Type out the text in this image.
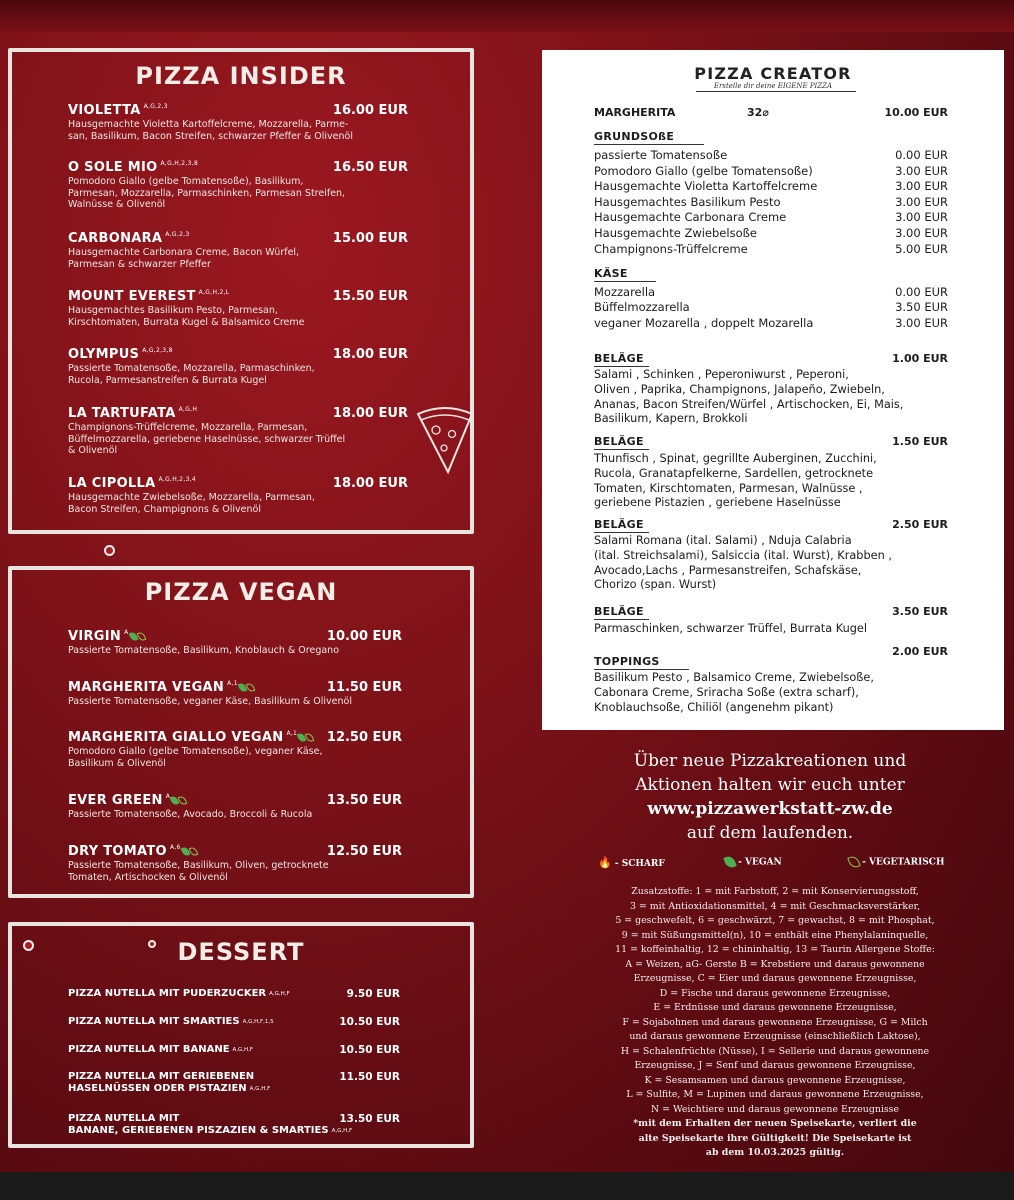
PIZZA INSIDER
PIZZA VEGAN
DESSERT
PIZZA CREATOR
Erstelle dir deine EIGENE PIZZA
MARGHERITA	32⌀	10.00 EUR
GRUNDSOßE
KÄSE
BELÄGE	1.00 EUR
Salami , Schinken , Peperoniwurst , Peperoni,
Oliven , Paprika, Champignons, Jalapeño, Zwiebeln,
Ananas, Bacon Streifen/Würfel , Artischocken, Ei, Mais,
Basilikum, Kapern, Brokkoli
BELÄGE	1.50 EUR
Thunfisch , Spinat, gegrillte Auberginen, Zucchini,
Rucola, Granatapfelkerne, Sardellen, getrocknete
Tomaten, Kirschtomaten, Parmesan, Walnüsse ,
geriebene Pistazien , geriebene Haselnüsse
BELÄGE	2.50 EUR
Salami Romana (ital. Salami) , Nduja Calabria
(ital. Streichsalami), Salsiccia (ital. Wurst), Krabben ,
Avocado,Lachs , Parmesanstreifen, Schafskäse,
Chorizo (span. Wurst)
BELÄGE	3.50 EUR
Parmaschinken, schwarzer Trüffel, Burrata Kugel
2.00 EUR
TOPPINGS
Basilikum Pesto , Balsamico Creme, Zwiebelsoße,
Cabonara Creme, Sriracha Soße (extra scharf),
Knoblauchsoße, Chiliöl (angenehm pikant)
passierte Tomatensoße	0.00 EUR
Pomodoro Giallo (gelbe Tomatensoße)	3.00 EUR
Hausgemachte Violetta Kartoffelcreme	3.00 EUR
Hausgemachtes Basilikum Pesto	3.00 EUR
Hausgemachte Carbonara Creme	3.00 EUR
Hausgemachte Zwiebelsoße	3.00 EUR
Champignons-Trüffelcreme	5.00 EUR
Mozzarella	0.00 EUR
Büffelmozzarella	3.50 EUR
veganer Mozarella , doppelt Mozarella	3.00 EUR
Über neue Pizzakreationen und
Aktionen halten wir euch unter
www.pizzawerkstatt-zw.de
auf dem laufenden.
🔥 - SCHARF	- VEGAN	- VEGETARISCH
Zusatzstoffe: 1 = mit Farbstoff, 2 = mit Konservierungsstoff,
3 = mit Antioxidationsmittel, 4 = mit Geschmacksverstärker,
5 = geschwefelt, 6 = geschwärzt, 7 = gewachst, 8 = mit Phosphat,
9 = mit Süßungsmittel(n), 10 = enthält eine Phenylalaninquelle,
11 = koffeinhaltig, 12 = chininhaltig, 13 = Taurin Allergene Stoffe:
A = Weizen, aG- Gerste B = Krebstiere und daraus gewonnene
Erzeugnisse, C = Eier und daraus gewonnene Erzeugnisse,
D = Fische und daraus gewonnene Erzeugnisse,
E = Erdnüsse und daraus gewonnene Erzeugnisse,
F = Sojabohnen und daraus gewonnene Erzeugnisse, G = Milch
und daraus gewonnene Erzeugnisse (einschließlich Laktose),
H = Schalenfrüchte (Nüsse), I = Sellerie und daraus gewonnene
Erzeugnisse, J = Senf und daraus gewonnene Erzeugnisse,
K = Sesamsamen und daraus gewonnene Erzeugnisse,
L = Sulfite, M = Lupinen und daraus gewonnene Erzeugnisse,
N = Weichtiere und daraus gewonnene Erzeugnisse
*mit dem Erhalten der neuen Speisekarte, verliert die
alte Speisekarte ihre Gültigkeit! Die Speisekarte ist
ab dem 10.03.2025 gültig.
VIOLETTA $^{A,G,2,3}$	16.00 EUR
Hausgemachte Violetta Kartoffelcreme, Mozzarella, Parme-
san, Basilikum, Bacon Streifen, schwarzer Pfeffer & Olivenöl
O SOLE MIO $^{A,G,H,2,3,8}$	16.50 EUR
Pomodoro Giallo (gelbe Tomatensoße), Basilikum,
Parmesan, Mozzarella, Parmaschinken, Parmesan Streifen,
Walnüsse & Olivenöl
CARBONARA $^{A,G,2,3}$	15.00 EUR
Hausgemachte Carbonara Creme, Bacon Würfel,
Parmesan & schwarzer Pfeffer
MOUNT EVEREST $^{A,G,H,2,L}$	15.50 EUR
Hausgemachtes Basilikum Pesto, Parmesan,
Kirschtomaten, Burrata Kugel & Balsamico Creme
OLYMPUS $^{A,G,2,3,8}$	18.00 EUR
Passierte Tomatensoße, Mozzarella, Parmaschinken,
Rucola, Parmesanstreifen & Burrata Kugel
LA TARTUFATA $^{A,G,H}$	18.00 EUR
Champignons-Trüffelcreme, Mozzarella, Parmesan,
Büffelmozzarella, geriebene Haselnüsse, schwarzer Trüffel
& Olivenöl
LA CIPOLLA $^{A,G,H,2,3,4}$	18.00 EUR
Hausgemachte Zwiebelsoße, Mozzarella, Parmesan,
Bacon Streifen, Champignons & Olivenöl
VIRGIN $^A$	10.00 EUR
Passierte Tomatensoße, Basilikum, Knoblauch & Oregano
MARGHERITA VEGAN $^{A,1}$	11.50 EUR
Passierte Tomatensoße, veganer Käse, Basilikum & Olivenöl
MARGHERITA GIALLO VEGAN $^{A,1}$	12.50 EUR
Pomodoro Giallo (gelbe Tomatensoße), veganer Käse,
Basilikum & Olivenöl
EVER GREEN $^A$	13.50 EUR
Passierte Tomatensoße, Avocado, Broccoli & Rucola
DRY TOMATO $^{A,6}$	12.50 EUR
Passierte Tomatensoße, Basilikum, Oliven, getrocknete
Tomaten, Artischocken & Olivenöl
PIZZA NUTELLA MIT PUDERZUCKER $^{A,G,H,F}$	9.50 EUR
PIZZA NUTELLA MIT SMARTIES $^{A,G,H,F,1,5}$	10.50 EUR
PIZZA NUTELLA MIT BANANE $^{A,G,H,F}$	10.50 EUR
PIZZA NUTELLA MIT GERIEBENEN
HASELNÜSSEN ODER PISTAZIEN $^{A,G,H,F}$
11.50 EUR
PIZZA NUTELLA MIT
BANANE, GERIEBENEN PISZAZIEN & SMARTIES $^{A,G,H,F}$
13.50 EUR
